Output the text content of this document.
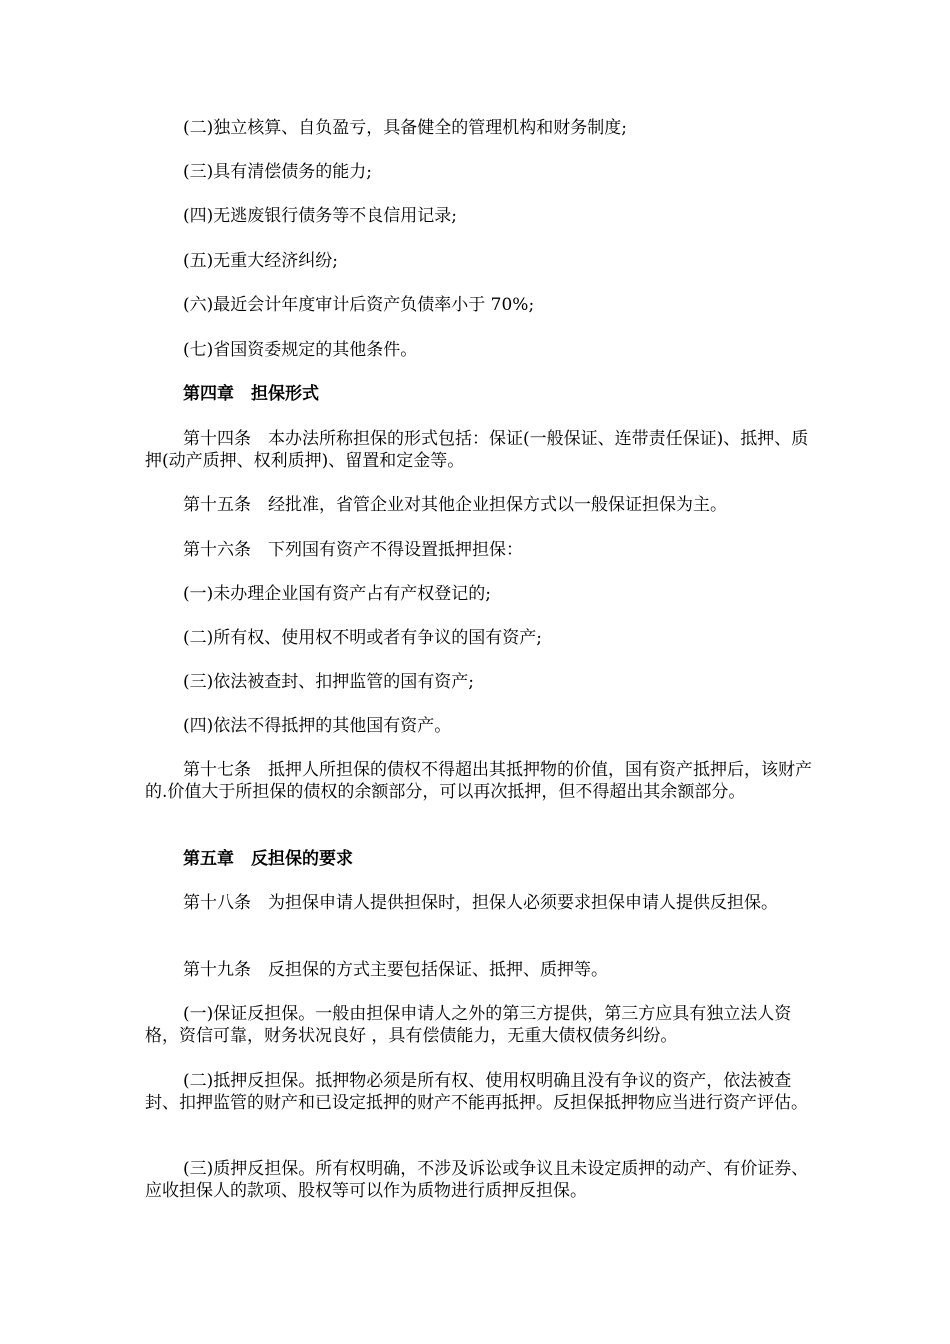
(二)独立核算、自负盈亏，具备健全的管理机构和财务制度;
(三)具有清偿债务的能力;
(四)无逃废银行债务等不良信用记录;
(五)无重大经济纠纷;
(六)最近会计年度审计后资产负债率小于 70%;
(七)省国资委规定的其他条件。
第四章　担保形式
第十四条　本办法所称担保的形式包括：保证(一般保证、连带责任保证)、抵押、质押(动产质押、权利质押)、留置和定金等。
第十五条　经批准，省管企业对其他企业担保方式以一般保证担保为主。
第十六条　下列国有资产不得设置抵押担保：
(一)未办理企业国有资产占有产权登记的;
(二)所有权、使用权不明或者有争议的国有资产;
(三)依法被查封、扣押监管的国有资产;
(四)依法不得抵押的其他国有资产。
第十七条　抵押人所担保的债权不得超出其抵押物的价值，国有资产抵押后，该财产的.价值大于所担保的债权的余额部分，可以再次抵押，但不得超出其余额部分。
第五章　反担保的要求
第十八条　为担保申请人提供担保时，担保人必须要求担保申请人提供反担保。
第十九条　反担保的方式主要包括保证、抵押、质押等。
(一)保证反担保。一般由担保申请人之外的第三方提供，第三方应具有独立法人资格，资信可靠，财务状况良好 ，具有偿债能力，无重大债权债务纠纷。
(二)抵押反担保。抵押物必须是所有权、使用权明确且没有争议的资产，依法被查封、扣押监管的财产和已设定抵押的财产不能再抵押。反担保抵押物应当进行资产评估。
(三)质押反担保。所有权明确，不涉及诉讼或争议且未设定质押的动产、有价证券、应收担保人的款项、股权等可以作为质物进行质押反担保。
